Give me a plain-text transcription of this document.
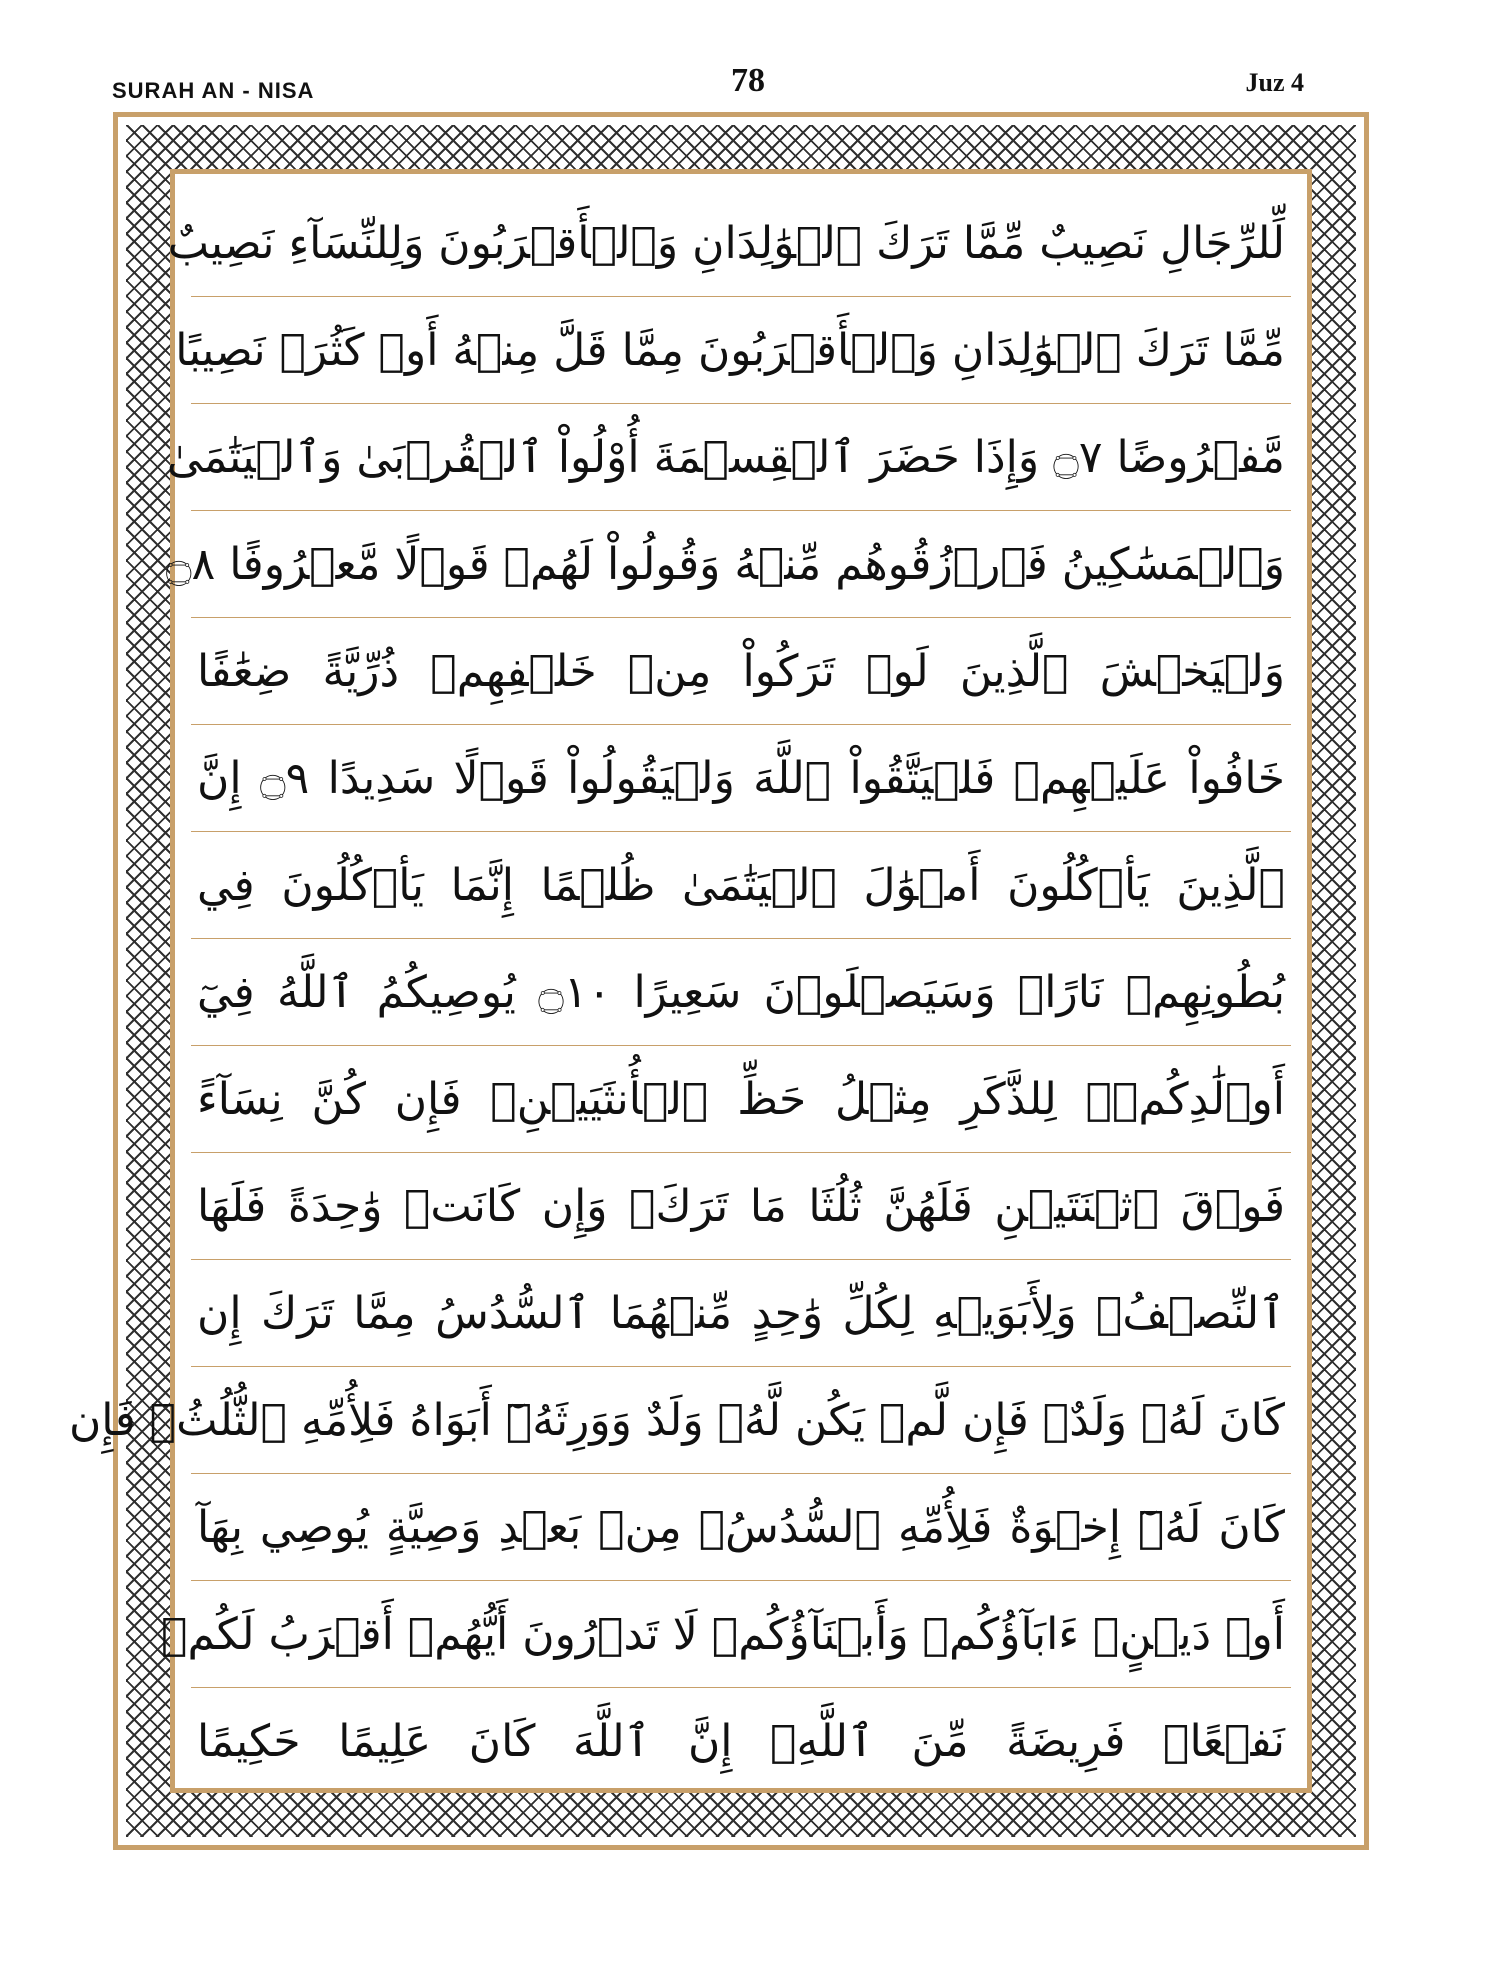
SURAH AN - NISA	78	Juz 4
لِّلرِّجَالِ نَصِيبٌ مِّمَّا تَرَكَ ٱلۡوَٰلِدَانِ وَٱلۡأَقۡرَبُونَ وَلِلنِّسَآءِ نَصِيبٌ
مِّمَّا تَرَكَ ٱلۡوَٰلِدَانِ وَٱلۡأَقۡرَبُونَ مِمَّا قَلَّ مِنۡهُ أَوۡ كَثُرَۚ نَصِيبًا
مَّفۡرُوضًا ۝٧ وَإِذَا حَضَرَ ٱلۡقِسۡمَةَ أُوْلُواْ ٱلۡقُرۡبَىٰ وَٱلۡيَتَٰمَىٰ
وَٱلۡمَسَٰكِينُ فَٱرۡزُقُوهُم مِّنۡهُ وَقُولُواْ لَهُمۡ قَوۡلًا مَّعۡرُوفًا ۝٨
وَلۡيَخۡشَ ٱلَّذِينَ لَوۡ تَرَكُواْ مِنۡ خَلۡفِهِمۡ ذُرِّيَّةً ضِعَٰفًا
خَافُواْ عَلَيۡهِمۡ فَلۡيَتَّقُواْ ٱللَّهَ وَلۡيَقُولُواْ قَوۡلًا سَدِيدًا ۝٩ إِنَّ
ٱلَّذِينَ يَأۡكُلُونَ أَمۡوَٰلَ ٱلۡيَتَٰمَىٰ ظُلۡمًا إِنَّمَا يَأۡكُلُونَ فِي
بُطُونِهِمۡ نَارًاۖ وَسَيَصۡلَوۡنَ سَعِيرًا ۝١٠ يُوصِيكُمُ ٱللَّهُ فِيٓ
أَوۡلَٰدِكُمۡۖ لِلذَّكَرِ مِثۡلُ حَظِّ ٱلۡأُنثَيَيۡنِۚ فَإِن كُنَّ نِسَآءً
فَوۡقَ ٱثۡنَتَيۡنِ فَلَهُنَّ ثُلُثَا مَا تَرَكَۖ وَإِن كَانَتۡ وَٰحِدَةً فَلَهَا
ٱلنِّصۡفُۚ وَلِأَبَوَيۡهِ لِكُلِّ وَٰحِدٍ مِّنۡهُمَا ٱلسُّدُسُ مِمَّا تَرَكَ إِن
كَانَ لَهُۥ وَلَدٌۚ فَإِن لَّمۡ يَكُن لَّهُۥ وَلَدٌ وَوَرِثَهُۥٓ أَبَوَاهُ فَلِأُمِّهِ ٱلثُّلُثُۚ فَإِن
كَانَ لَهُۥٓ إِخۡوَةٌ فَلِأُمِّهِ ٱلسُّدُسُۚ مِنۢ بَعۡدِ وَصِيَّةٍ يُوصِي بِهَآ
أَوۡ دَيۡنٍۗ ءَابَآؤُكُمۡ وَأَبۡنَآؤُكُمۡ لَا تَدۡرُونَ أَيُّهُمۡ أَقۡرَبُ لَكُمۡ
نَفۡعًاۚ فَرِيضَةً مِّنَ ٱللَّهِۗ إِنَّ ٱللَّهَ كَانَ عَلِيمًا حَكِيمًا
